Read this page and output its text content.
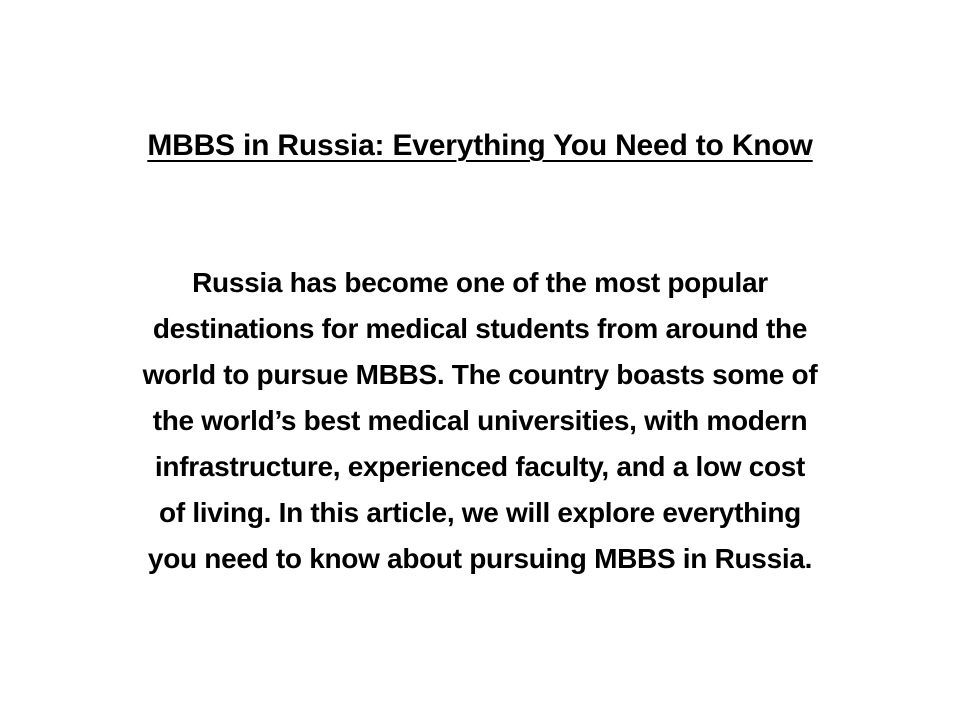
MBBS in Russia: Everything You Need to Know

Russia has become one of the most popular
destinations for medical students from around the
world to pursue MBBS. The country boasts some of
the world’s best medical universities, with modern
infrastructure, experienced faculty, and a low cost
of living. In this article, we will explore everything
you need to know about pursuing MBBS in Russia.
